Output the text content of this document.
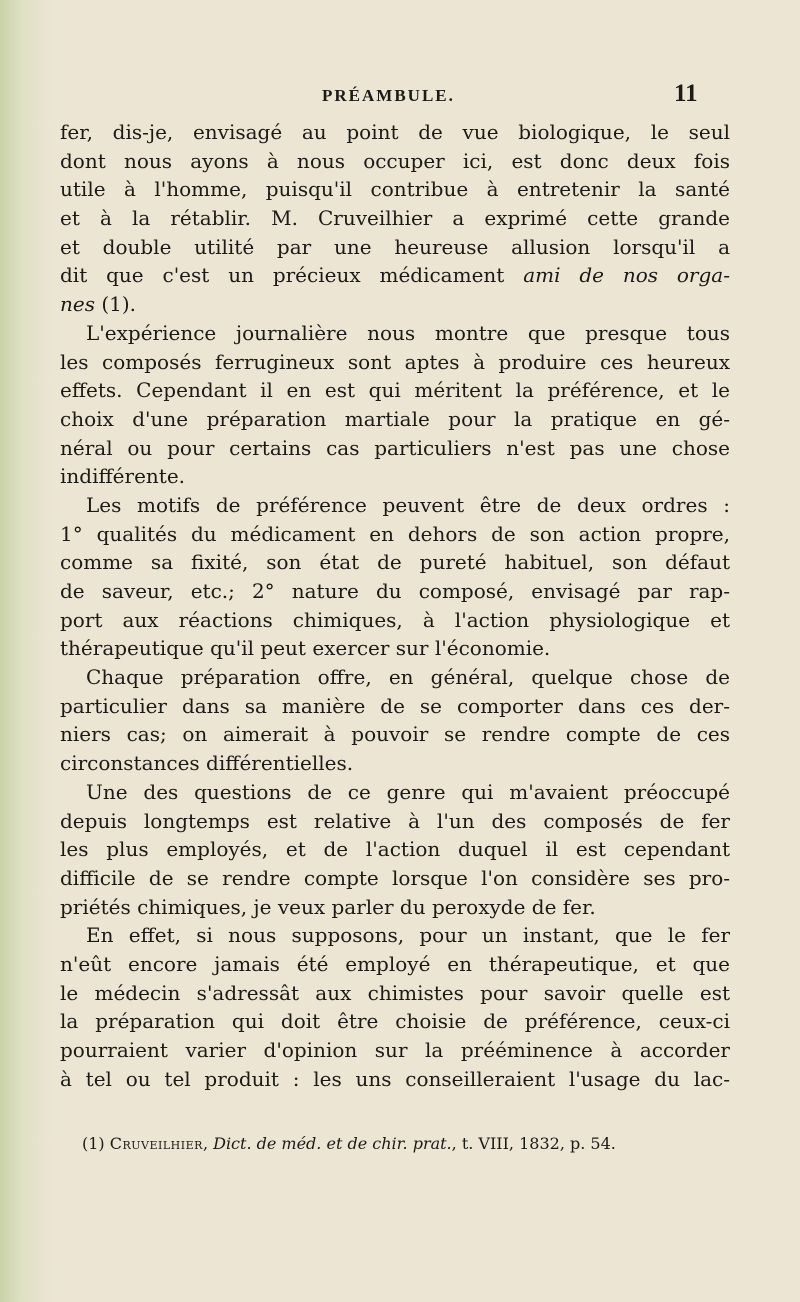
PRÉAMBULE.	11
fer, dis-je, envisagé au point de vue biologique, le seul
dont nous ayons à nous occuper ici, est donc deux fois
utile à l'homme, puisqu'il contribue à entretenir la santé
et à la rétablir. M. Cruveilhier a exprimé cette grande
et double utilité par une heureuse allusion lorsqu'il a
dit que c'est un précieux médicament ami de nos orga-
nes (1).
L'expérience journalière nous montre que presque tous
les composés ferrugineux sont aptes à produire ces heureux
effets. Cependant il en est qui méritent la préférence, et le
choix d'une préparation martiale pour la pratique en gé-
néral ou pour certains cas particuliers n'est pas une chose
indifférente.
Les motifs de préférence peuvent être de deux ordres :
1° qualités du médicament en dehors de son action propre,
comme sa fixité, son état de pureté habituel, son défaut
de saveur, etc.; 2° nature du composé, envisagé par rap-
port aux réactions chimiques, à l'action physiologique et
thérapeutique qu'il peut exercer sur l'économie.
Chaque préparation offre, en général, quelque chose de
particulier dans sa manière de se comporter dans ces der-
niers cas; on aimerait à pouvoir se rendre compte de ces
circonstances différentielles.
Une des questions de ce genre qui m'avaient préoccupé
depuis longtemps est relative à l'un des composés de fer
les plus employés, et de l'action duquel il est cependant
difficile de se rendre compte lorsque l'on considère ses pro-
priétés chimiques, je veux parler du peroxyde de fer.
En effet, si nous supposons, pour un instant, que le fer
n'eût encore jamais été employé en thérapeutique, et que
le médecin s'adressât aux chimistes pour savoir quelle est
la préparation qui doit être choisie de préférence, ceux-ci
pourraient varier d'opinion sur la prééminence à accorder
à tel ou tel produit : les uns conseilleraient l'usage du lac-
(1) Cruveilhier, Dict. de méd. et de chir. prat., t. VIII, 1832, p. 54.
